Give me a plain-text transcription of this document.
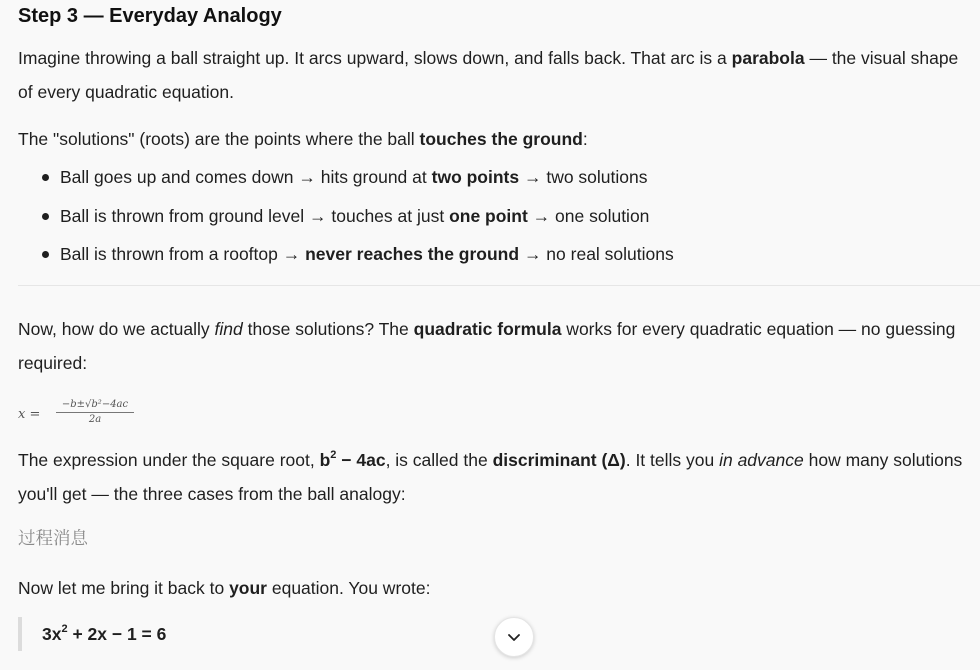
Step 3 — Everyday Analogy

Imagine throwing a ball straight up. It arcs upward, slows down, and falls back. That arc is a parabola — the visual shape of every quadratic equation.

The "solutions" (roots) are the points where the ball touches the ground:

Ball goes up and comes down → hits ground at two points → two solutions
Ball is thrown from ground level → touches at just one point → one solution
Ball is thrown from a rooftop → never reaches the ground → no real solutions

Now, how do we actually find those solutions? The quadratic formula works for every quadratic equation — no guessing required:

$x = \frac{\text{−b±√b²−4ac}}{2a}$

The expression under the square root, $b^2 - 4ac$, is called the discriminant (Δ). It tells you in advance how many solutions you'll get — the three cases from the ball analogy:

过程消息

Now let me bring it back to your equation. You wrote:

$3x^2 + 2x - 1 = 6$
